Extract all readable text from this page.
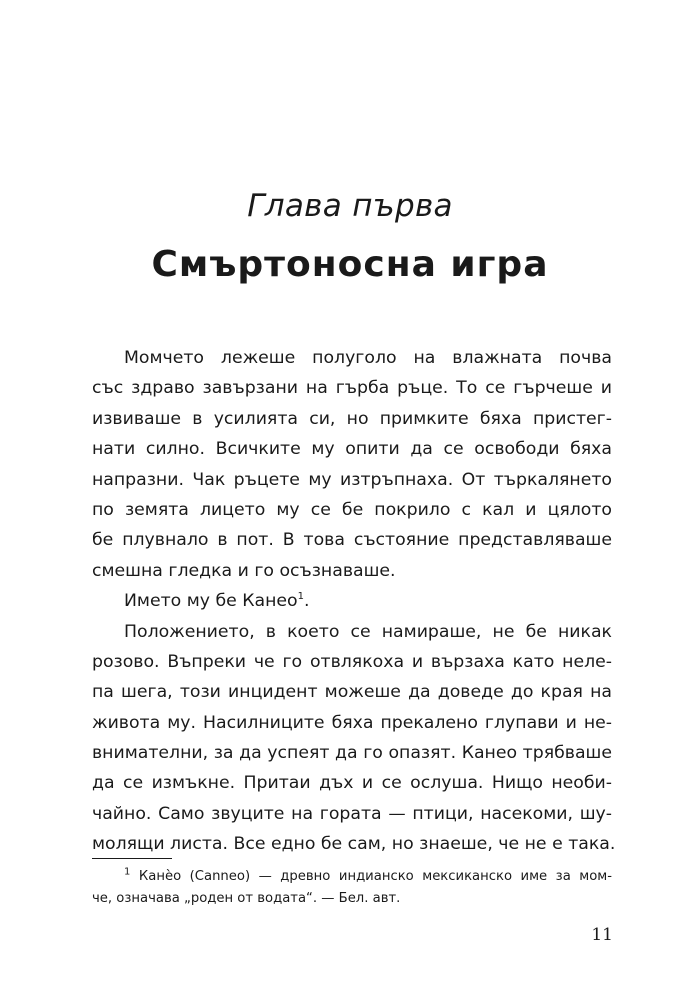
Глава първа
Смъртоносна игра
Момчето лежеше полуголо на влажната почва
със здраво завързани на гърба ръце. То се гърчеше и
извиваше в усилията си, но примките бяха пристег-
нати силно. Всичките му опити да се освободи бяха
напразни. Чак ръцете му изтръпнаха. От търкалянето
по земята лицето му се бе покрило с кал и цялото
бе плувнало в пот. В това състояние представляваше
смешна гледка и го осъзнаваше.
Името му бе Канео$^1$.
Положението, в което се намираше, не бе никак
розово. Въпреки че го отвлякоха и вързаха като неле-
па шега, този инцидент можеше да доведе до края на
живота му. Насилниците бяха прекалено глупави и не-
внимателни, за да успеят да го опазят. Канео трябваше
да се измъкне. Притаи дъх и се ослуша. Нищо необи-
чайно. Само звуците на гората — птици, насекоми, шу-
молящи листа. Все едно бе сам, но знаеше, че не е така.
$^1$ Канѐо (Canneo) — древно индианско мексиканско име за мом-
че, означава „роден от водата“. — Бел. авт.
11
